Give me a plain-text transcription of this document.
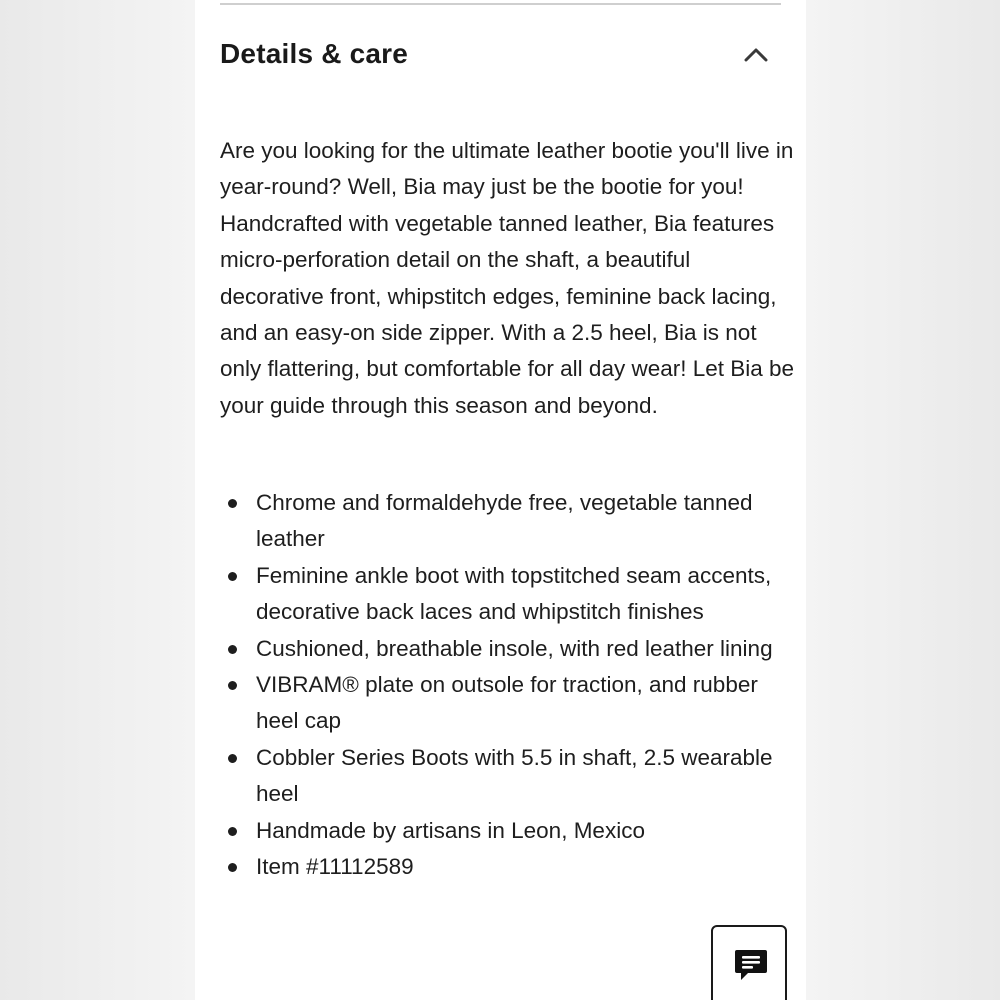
Details & care

Are you looking for the ultimate leather bootie you'll live in year-round? Well, Bia may just be the bootie for you! Handcrafted with vegetable tanned leather, Bia features micro-perforation detail on the shaft, a beautiful decorative front, whipstitch edges, feminine back lacing, and an easy-on side zipper. With a 2.5 heel, Bia is not only flattering, but comfortable for all day wear! Let Bia be your guide through this season and beyond.

Chrome and formaldehyde free, vegetable tanned leather
Feminine ankle boot with topstitched seam accents, decorative back laces and whipstitch finishes
Cushioned, breathable insole, with red leather lining
VIBRAM® plate on outsole for traction, and rubber heel cap
Cobbler Series Boots with 5.5 in shaft, 2.5 wearable heel
Handmade by artisans in Leon, Mexico
Item #11112589
